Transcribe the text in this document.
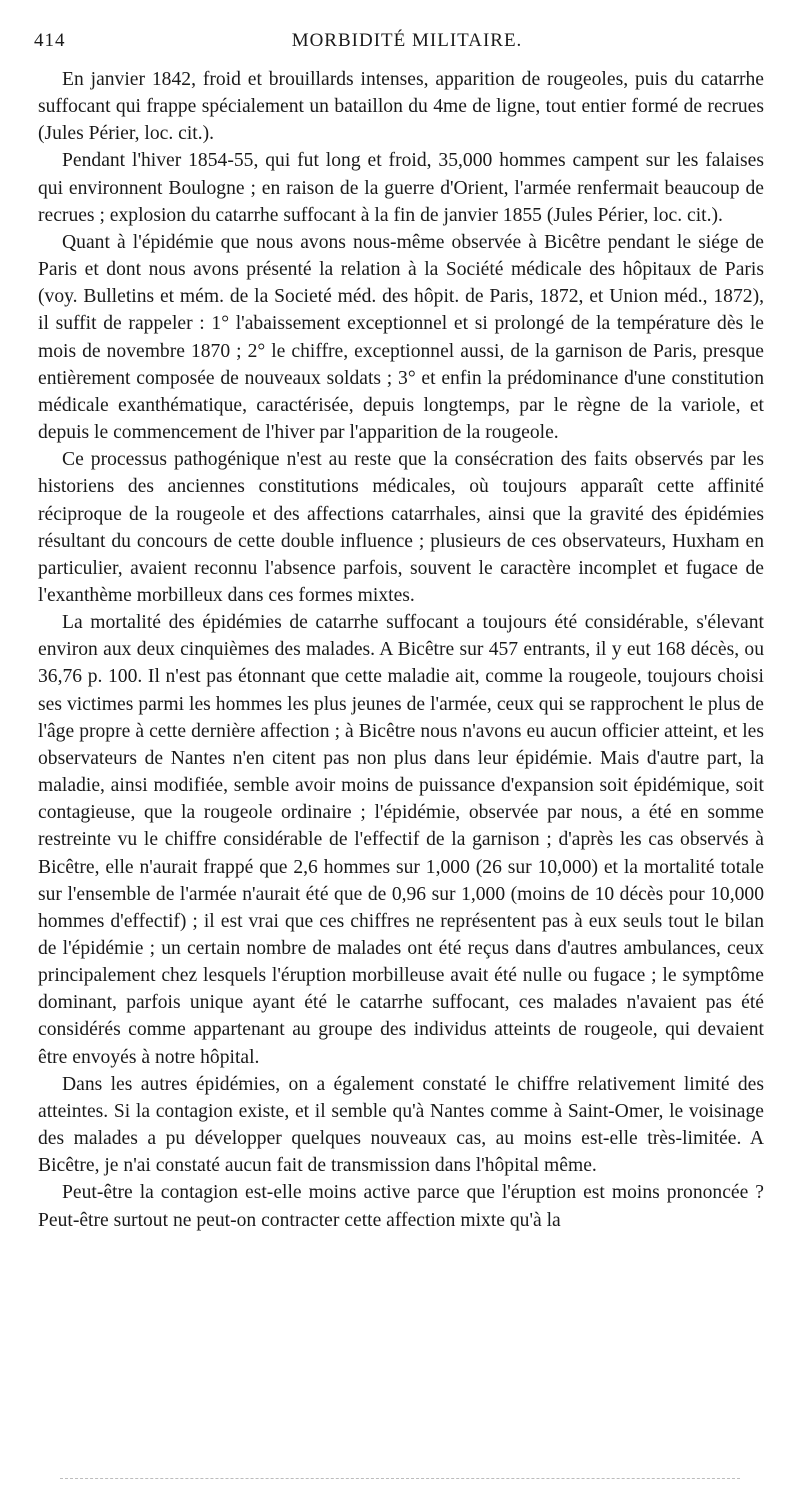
414	MORBIDITÉ MILITAIRE.

En janvier 1842, froid et brouillards intenses, apparition de rougeoles, puis du catarrhe suffocant qui frappe spécialement un bataillon du 4me de ligne, tout entier formé de recrues (Jules Périer, loc. cit.).

Pendant l'hiver 1854-55, qui fut long et froid, 35,000 hommes campent sur les falaises qui environnent Boulogne ; en raison de la guerre d'Orient, l'armée renfermait beaucoup de recrues ; explosion du catarrhe suffocant à la fin de janvier 1855 (Jules Périer, loc. cit.).

Quant à l'épidémie que nous avons nous-même observée à Bicêtre pendant le siége de Paris et dont nous avons présenté la relation à la Société médicale des hôpitaux de Paris (voy. Bulletins et mém. de la Societé méd. des hôpit. de Paris, 1872, et Union méd., 1872), il suffit de rappeler : 1° l'abaissement exceptionnel et si prolongé de la température dès le mois de novembre 1870 ; 2° le chiffre, exceptionnel aussi, de la garnison de Paris, presque entièrement composée de nouveaux soldats ; 3° et enfin la prédominance d'une constitution médicale exanthématique, caractérisée, depuis longtemps, par le règne de la variole, et depuis le commencement de l'hiver par l'apparition de la rougeole.

Ce processus pathogénique n'est au reste que la consécration des faits observés par les historiens des anciennes constitutions médicales, où toujours apparaît cette affinité réciproque de la rougeole et des affections catarrhales, ainsi que la gravité des épidémies résultant du concours de cette double influence ; plusieurs de ces observateurs, Huxham en particulier, avaient reconnu l'absence parfois, souvent le caractère incomplet et fugace de l'exanthème morbilleux dans ces formes mixtes.

La mortalité des épidémies de catarrhe suffocant a toujours été considérable, s'élevant environ aux deux cinquièmes des malades. A Bicêtre sur 457 entrants, il y eut 168 décès, ou 36,76 p. 100. Il n'est pas étonnant que cette maladie ait, comme la rougeole, toujours choisi ses victimes parmi les hommes les plus jeunes de l'armée, ceux qui se rapprochent le plus de l'âge propre à cette dernière affection ; à Bicêtre nous n'avons eu aucun officier atteint, et les observateurs de Nantes n'en citent pas non plus dans leur épidémie. Mais d'autre part, la maladie, ainsi modifiée, semble avoir moins de puissance d'expansion soit épidémique, soit contagieuse, que la rougeole ordinaire ; l'épidémie, observée par nous, a été en somme restreinte vu le chiffre considérable de l'effectif de la garnison ; d'après les cas observés à Bicêtre, elle n'aurait frappé que 2,6 hommes sur 1,000 (26 sur 10,000) et la mortalité totale sur l'ensemble de l'armée n'aurait été que de 0,96 sur 1,000 (moins de 10 décès pour 10,000 hommes d'effectif) ; il est vrai que ces chiffres ne représentent pas à eux seuls tout le bilan de l'épidémie ; un certain nombre de malades ont été reçus dans d'autres ambulances, ceux principalement chez lesquels l'éruption morbilleuse avait été nulle ou fugace ; le symptôme dominant, parfois unique ayant été le catarrhe suffocant, ces malades n'avaient pas été considérés comme appartenant au groupe des individus atteints de rougeole, qui devaient être envoyés à notre hôpital.

Dans les autres épidémies, on a également constaté le chiffre relativement limité des atteintes. Si la contagion existe, et il semble qu'à Nantes comme à Saint-Omer, le voisinage des malades a pu développer quelques nouveaux cas, au moins est-elle très-limitée. A Bicêtre, je n'ai constaté aucun fait de transmission dans l'hôpital même.

Peut-être la contagion est-elle moins active parce que l'éruption est moins prononcée ? Peut-être surtout ne peut-on contracter cette affection mixte qu'à la
